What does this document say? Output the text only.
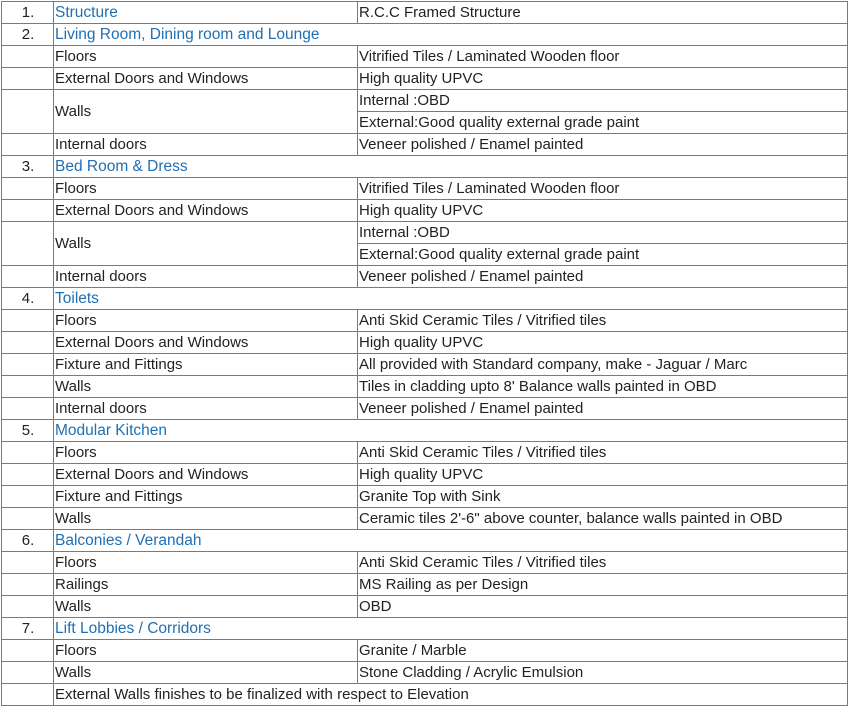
1.	Structure	R.C.C Framed Structure
2.	Living Room, Dining room and Lounge	
	Floors	Vitrified Tiles / Laminated Wooden floor
	External Doors and Windows	High quality UPVC
	Walls	Internal :OBD
		External:Good quality external grade paint
	Internal doors	Veneer polished / Enamel painted
3.	Bed Room & Dress	
	Floors	Vitrified Tiles / Laminated Wooden floor
	External Doors and Windows	High quality UPVC
	Walls	Internal :OBD
		External:Good quality external grade paint
	Internal doors	Veneer polished / Enamel painted
4.	Toilets	
	Floors	Anti Skid Ceramic Tiles / Vitrified tiles
	External Doors and Windows	High quality UPVC
	Fixture and Fittings	All provided with Standard company, make - Jaguar / Marc
	Walls	Tiles in cladding upto 8' Balance walls painted in OBD
	Internal doors	Veneer polished / Enamel painted
5.	Modular Kitchen	
	Floors	Anti Skid Ceramic Tiles / Vitrified tiles
	External Doors and Windows	High quality UPVC
	Fixture and Fittings	Granite Top with Sink
	Walls	Ceramic tiles 2'-6" above counter, balance walls painted in OBD
6.	Balconies / Verandah	
	Floors	Anti Skid Ceramic Tiles / Vitrified tiles
	Railings	MS Railing as per Design
	Walls	OBD
7.	Lift Lobbies / Corridors	
	Floors	Granite / Marble
	Walls	Stone Cladding / Acrylic Emulsion
	External Walls finishes to be finalized with respect to Elevation	
